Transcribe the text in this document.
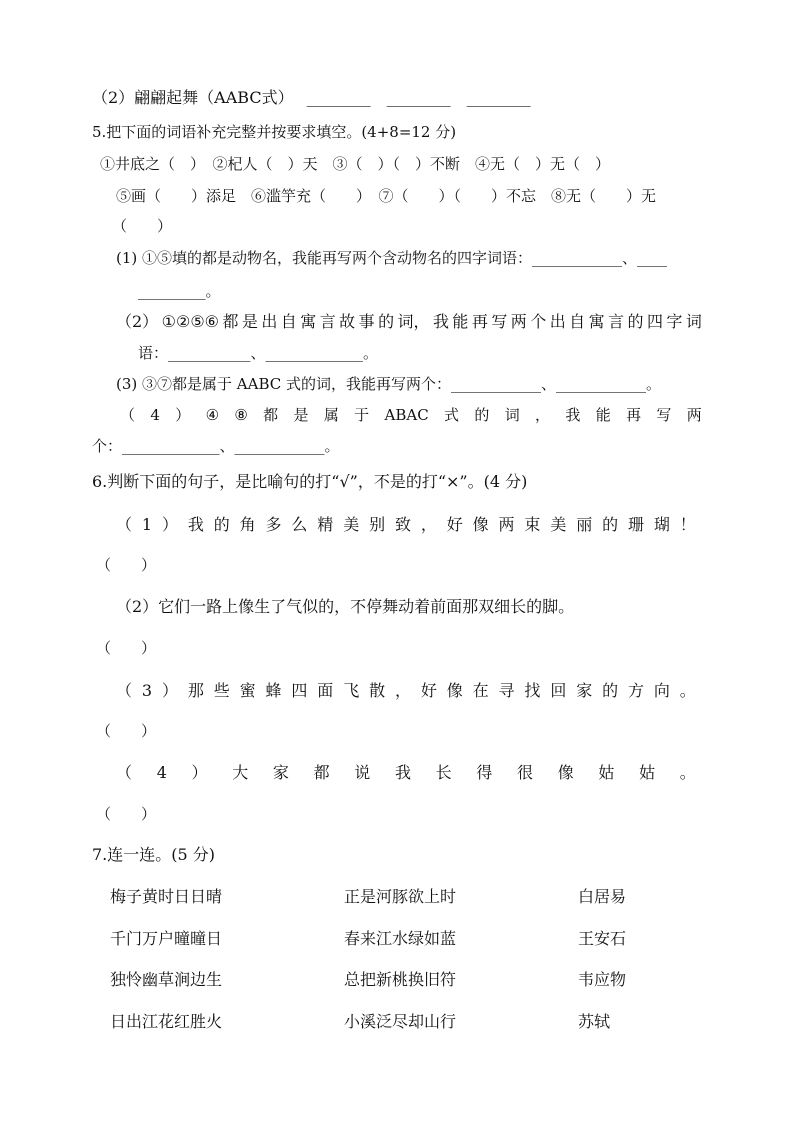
（2）翩翩起舞（AABC式）　 ________　________　________
5.把下面的词语补充完整并按要求填空。(4+8=12 分)
①井底之（　）　②杞人（　）天　③（　）（　）不断　④无（　）无（　）
⑤画（　　）添足　⑥滥竽充（　　）　⑦（　　）（　　）不忘　⑧无（　　）无
（　　）
(1) ①⑤填的都是动物名，我能再写两个含动物名的四字词语：____________、____
_________。
（2） ①②⑤⑥ 都 是 出 自 寓 言 故 事 的 词， 我 能 再 写 两 个 出 自 寓 言 的 四 字 词
语：___________、_____________。
(3) ③⑦都是属于 AABC 式的词，我能再写两个：____________、____________。
（ 4 ） ④ ⑧ 都 是 属 于 ABAC 式 的 词 ， 我 能 再 写 两
个：_____________、____________。
6.判断下面的句子，是比喻句的打“√”，不是的打“×”。(4 分)
（ 1 ） 我 的 角 多 么 精 美 别 致 ， 好 像 两 束 美 丽 的 珊 瑚 ！
（　　）
（2）它们一路上像生了气似的，不停舞动着前面那双细长的脚。
（　　）
（ 3 ） 那 些 蜜 蜂 四 面 飞 散 ， 好 像 在 寻 找 回 家 的 方 向 。
（　　）
（ 4 ） 大 家 都 说 我 长 得 很 像 姑 姑 。
（　　）
7.连一连。(5 分)
梅子黄时日日晴
千门万户曈曈日
独怜幽草涧边生
日出江花红胜火
正是河豚欲上时
春来江水绿如蓝
总把新桃换旧符
小溪泛尽却山行
白居易
王安石
韦应物
苏轼
